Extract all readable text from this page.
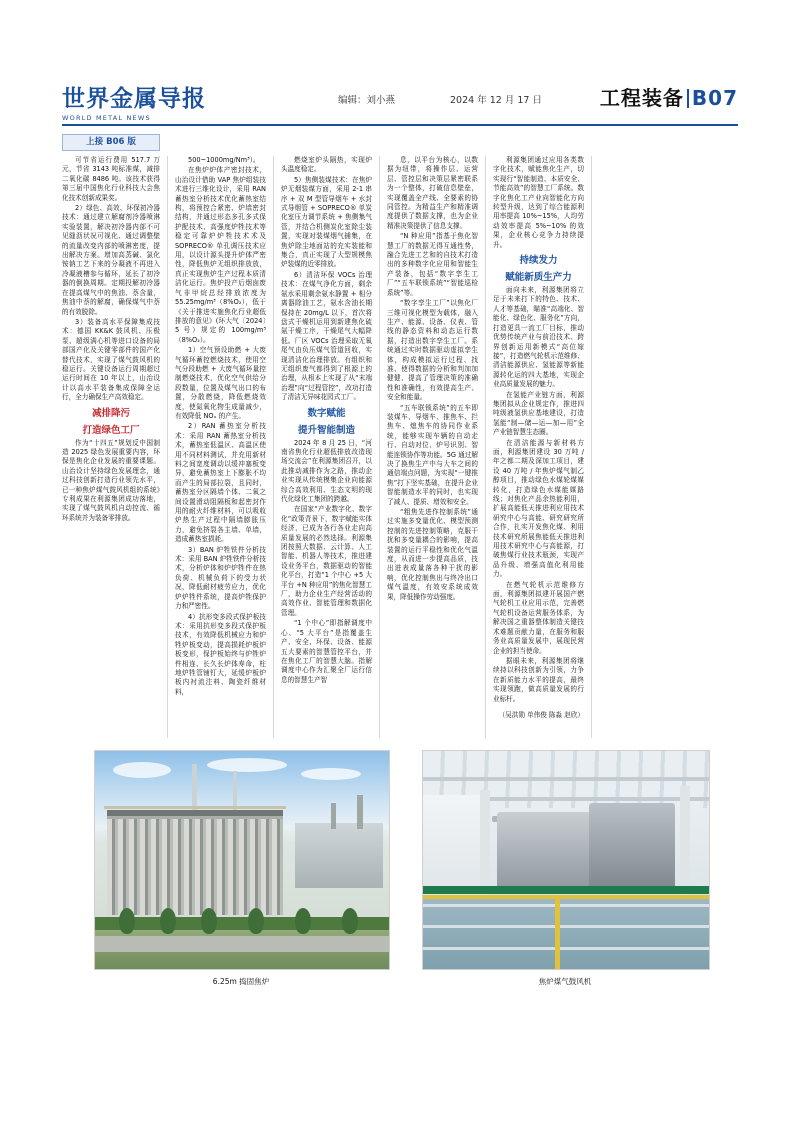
世界金属导报
WORLD METAL NEWS
编辑：刘小燕	2024 年 12 月 17 日	工程装备 B07
上接 B06 版

可节省运行费用 517.7 万元，节省 3143 吨标准煤，减排二氧化碳 8486 吨。该技术获得第三届中国焦化行业科技大会焦化技术创新成果奖。

2）绿色、高效、环保初冷器技术：通过建立解腐剂冷器喷淋实验装置，解决初冷器内部不可见缝沥状况可视化、通过调整壁的流量改变内部的喷淋密度，提出解决方案。增加高蒸碱、氯化铵钠工艺下来的分凝液不再进入冷凝液槽参与循环，延长了初冷器的倒换周期。定期投解初冷器在提高煤气中的焦油、萘含量，焦油中萘的解腐，确保煤气中萘的有效脱除。

3）装备高水平保障集成技术：德国 KK&K 鼓风机、压极泵、超级满心机等进口设备的局部国产化及关键零部件的国产化替代技术，实现了煤气鼓风机的稳运行。关键设备运行周期超过运行时间在 10 年以上，山治设计以高水平装备集成保障全运行，全力确保生产高效稳定。

减排降污
打造绿色工厂

作为“十四五”规划反中国制造 2025 绿色发展重要内容，环保是焦化企业发展的重要课题。山治设计坚持绿色发展理念，通过科技创新打造行业领先水平，已一种焦炉煤气鼓风机组的系统》专利成果在利源集团成功落地，实现了煤气鼓风机自动控流、循环系统并为装备零排放。

500~1000mg/Nm³）。

在焦炉炉体产密封技术，山治设计借助 VAP 焦炉组装技术进行三维化设计，采用 RAN 蓄热室分析技术优化蓄热室结构，将预控合紧密、炉墙密封结构，并通过形态多孔多式保护配技术、高强度炉牲技术等稳定可靠炉炉牲技术术及 SOPRECO® 单孔调压技术应用，以设计源头提升炉体严密性，降低焦炉无组织排放放，真正实现焦炉生产过程本质清洁化运行。焦炉投产后烟囱废气非甲烷总经排放浓度为55.25mg/m³（8%O₂），低于《关于推进实施焦化行业超低排放的意见》(环大气〔2024〕5 号）规定的 100mg/m³（8%O₂）。

1）空气预设助燃 + 大废气循环蓄控燃烧技术，使用空气分段助燃 + 大废气循环量控制燃烧技术，优化空气供给分段数量，位置及煤气出口的布置，分散燃烧，降低燃烧效度，使氮氧化物生成量减少，有效降低 NOₓ 的产生。

2）RAN 蓄热室分析技术：采用 RAN 蓄热室分析技术，蓄热室低温区、高温区使用不同材料测试，并充用新材料之间宽度调动以缓冲塞板变异，避免蓄热室上下膨胀不均而产生的局部拉裂，且同时，蓄热室分区隔墙个体、二氧之间设置滑动阻隔板和起密封作用的耐火纤维材料，可以吸收炉热生产过程中隔墙膨胀压力，避免挤裂各主墙、单墙，造成蓄热室损耗。

3）BAN 炉牲铁件分析技术：采用 BAN 炉牲铁件分析技术，分析炉体和炉炉牲件在热负荷、机械负荷下的受力状况，降低耐材疲劳应力，优化炉炉牲件系统，提高炉牲保护力和严密性。

4）抗形变多段式保护板技术：采用抗形变多段式保护板技术，有效降低机械应力和炉牲炉板变动，提高损耗炉板炉板变形，保护板始终与炉牲炉件相连、长久长炉体寿命，柱地炉牲管铺钉大，延缓炉板炉板内衬流注料、陶瓷纤维材料，

燃烧室炉头隔热，实现炉头温度稳定。

5）焦侧装煤技术：在焦炉炉无烟装煤方面，采用 2-1 串序 + 双 M 型管导烟车 + 水封式导烟管 + SOPRECO® 单炭化室压力调节系统 + 焦侧集气管，并结合机侧炭化室除尘装置，实现对装煤烟气捕集，在焦炉除尘地面站的充实装能和集合，真正实现了大型规模焦炉装煤的近零排放。

6）清洁环保 VOCs 治理技术：在煤气净化方面，剩余氨水采用剩余氨水静置 + 相分离器除油工艺，氨水含油长期保持在 20mg/L 以下，首次将盘式干燥机运用到新建焦化硫氨干燥工序，干燥尾气大幅降低。厂区 VOCs 治理采取无氧尾气由负压煤气管道回收，实现清洁化治理排放。有组织和无组织废气都得到了根源上的治理，从根本上实现了从“末端治理”向“过程管控”，改功打造了清洁无异味花园式工厂。

数字赋能
提升智能制造

2024 年 8 月 25 日，“河南省焦化行业超低排放改造现场交流会”在利源集团召开，以此推动减排作为之路，推动企业实现从传统模集企业向能源综合高效利用、生态文明的现代化绿化工集团的跨越。

在国家“产业数字化、数字化”政策背景下，数字赋能实体经济，已成为各行各业走向高质量发展的必然选择。利源集团按照大数据、云计算、人工智能、机器人等技术，推进建设业务平台，数据驱动的智能化平台，打造“1 个中心 +5 大平台 +N 种应用”的焦化智慧工厂，助力企业生产经营活动的高效作业、智能管理和数据化管理。

“1 个中心”即指解调度中心、“5 大平台”是指覆盖生产、安全、环保、设备、能源五大要素的智慧管控平台，并在焦化工厂的智慧大脑。指解调度中心作为汇聚全厂运行信息的智慧生产智

息，以平台为核心，以数据为纽带，将操作层、运营层、管控层和决策层紧密联系为一个整体，打破信息壁垒，实现覆盖全产线、全要素的协同管控。为精益生产和精准调度提供了数据支撑，也为企业精准决策提供了信息支撑。

“N 种应用”指基于焦化智慧工厂的数据无得互通性势，融合先进工艺和的自技术打造出的多种数字化应用和智能生产装备，包括“数字孪生工厂”“五车联锁系统”“智能巡检系统”等。

“数字孪生工厂”以焦化厂三维可视化模型为载体，融入生产、能源、设备、仪表、管线的静态资料和动态运行数据，打造出数字孪生工厂。系统通过实时数据驱动虚拟孪生体，构成模拟运行过程、找准、使得数据的分析和判加加健健、提高了管理决策的准确性和准确性，有效提高生产、安全和能量。

“五车联锁系统”的五车即装煤车、导烟车、推焦车、拦焦车、熄焦车的协同作业系统，能够实现车辆的自动走行、自动对位、炉号识别、智能连锁协作等功能。5G 通过解决了换焦生产中与大车之间的通信端点问题，为实现“一键推焦”打下坚实基础，在提升企业智能制造水平的同时，也实现了减人、提质、增效和安全。

“粗焦先进作控制系统”通过实施多变量优化、模型预测控制的先进控制策略，克服干扰和多变量耦合的影响，提高装置的运行平稳性和优化气温度，从而进一步提高品质，技出进表成量落各种干扰的影响，优化控制焦出与终冷出口煤气温度，有效安系统成效果，降低操作劳动强度。

利源集团通过应用各类数字化技术，赋能焦化生产，切实现行“智能制造、本质安全、节能高效”的智慧工厂系统。数字化焦化工产业向智能化方向转型升级，达到了综合能源利用率提高 10%~15%，人均劳动效率提高 5%~10% 的效果，企业核心竞争力持续提升。

持续发力
赋能新质生产力

面向未来，利源集团将立足于未来打下的特色、技术、人才等基础，瞄准“高端化、智能化、绿色化、服务化”方向，打造更具一流工厂目标，推动优势传统产业与前沿技术、跨界创新运用新模式“高位嫁接”，打造燃气轮机示范维修、清洁能源供应、氢能源等新能源转化运的四大基地，实现企业高质量发展的魅力。

在氢能产业链方面，利源集团拟从企业规定作，推进四吨级液氢供应基地建设，打造氢能“制—储—运—加—用”全产业链智慧生态圈。

在清洁能源与新材料方面，利源集团建设 30 万吨 / 年之都二期及深加工项目，建设 40 万吨 / 年焦炉煤气制乙醇项目，推动绿色水煤轮煤媒转化，打造绿色水煤能媒路线；对焦化产品余热能利用，扩展高能低天推进利应用技术研究中心与高能、研究研究所合作，扎实开发焦化煤、利用技术研究所展焦能低天推进利用技术研究中心与高能源，打破焦煤行业技术瓶颈，实现产品升级、增强高值化利用能力。

在燃气轮机示范维修方面，利源集团拟建开展国产燃气轮机工业应用示范，完善燃气轮机设备运营服务体系，为解决国之重器整体制造关键技术难题贡献力量，在服务和服务业高质量发展中，展现民营企业的担当使命。

据眼未来，利源集团将继续持以科技创新为引领，力争在新质能力水平的提高，最终实现领跑，做高质量发展的行业标杆。

（吴洪勋 单伟俊 陈淼 赵欣）
6.25m 捣固焦炉	焦炉煤气鼓风机
